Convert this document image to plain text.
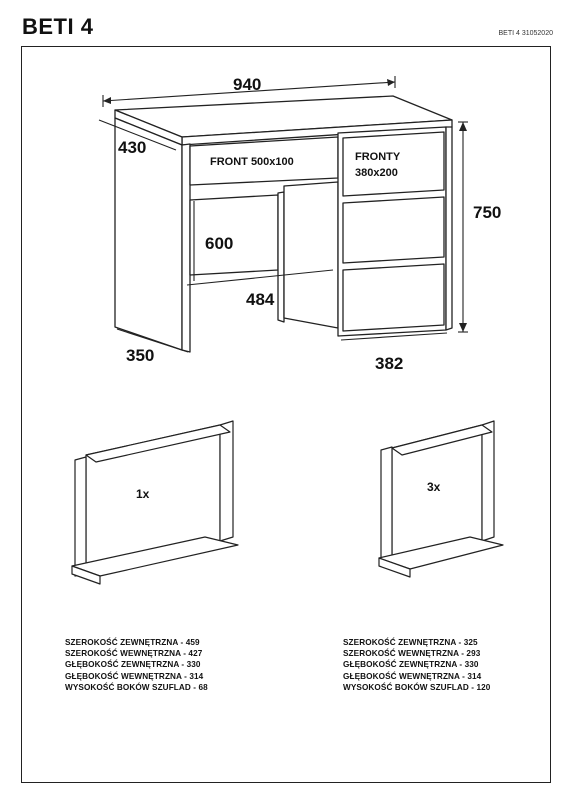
BETI 4	BETI 4 31052020
940
430
750
600
484
350	382
FRONT 500x100	FRONTY
380x200
1x	3x
SZEROKOŚĆ ZEWNĘTRZNA - 459
SZEROKOŚĆ WEWNĘTRZNA - 427
GŁĘBOKOŚĆ ZEWNĘTRZNA - 330
GŁĘBOKOŚĆ WEWNĘTRZNA - 314
WYSOKOŚĆ BOKÓW SZUFLAD - 68
SZEROKOŚĆ ZEWNĘTRZNA - 325
SZEROKOŚĆ WEWNĘTRZNA - 293
GŁĘBOKOŚĆ ZEWNĘTRZNA - 330
GŁĘBOKOŚĆ WEWNĘTRZNA - 314
WYSOKOŚĆ BOKÓW SZUFLAD - 120
